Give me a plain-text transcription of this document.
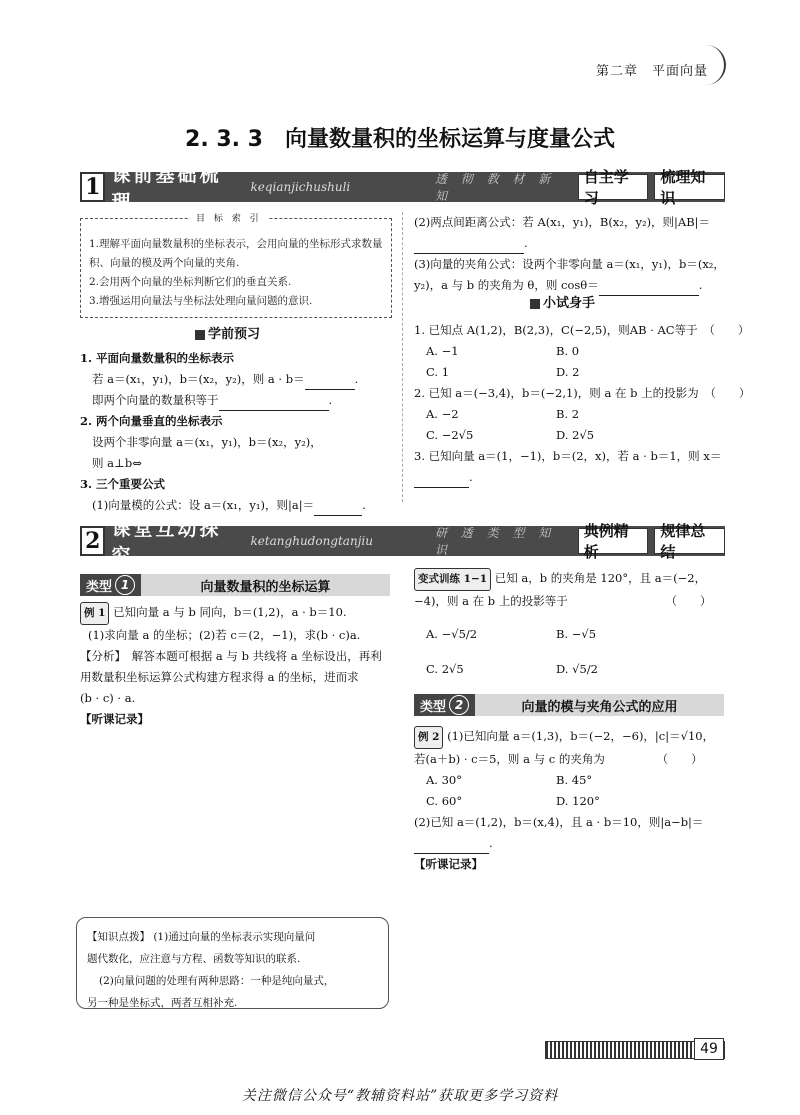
第二章　平面向量
2. 3. 3　向量数量积的坐标运算与度量公式
1 课前基础梳理
keqianjichushuli
透 彻 教 材 新 知
自主学习
梳理知识
1.理解平面向量数量积的坐标表示，会用向量的坐标形式求数量积、向量的模及两个向量的夹角.
2.会用两个向量的坐标判断它们的垂直关系.
3.增强运用向量法与坐标法处理向量问题的意识.
目 标 索 引
学前预习
1. 平面向量数量积的坐标表示
若 a＝(x₁，y₁)，b＝(x₂，y₂)，则 a · b＝	.
即两个向量的数量积等于	.
2. 两个向量垂直的坐标表示
设两个非零向量 a＝(x₁，y₁)，b＝(x₂，y₂)，
则 a⊥b⇔
3. 三个重要公式
(1)向量模的公式：设 a＝(x₁，y₁)，则|a|＝	.
(2)两点间距离公式：若 A(x₁，y₁)，B(x₂，y₂)，则|AB|＝
.
(3)向量的夹角公式：设两个非零向量 a＝(x₁，y₁)，b＝(x₂，
y₂)，a 与 b 的夹角为 θ，则 cosθ＝	.
小试身手
1. 已知点 A(1,2)，B(2,3)，C(−2,5)，则AB · AC等于　（　　）
A. −1	B. 0
C. 1	D. 2
2. 已知 a＝(−3,4)，b＝(−2,1)，则 a 在 b 上的投影为　（　　）
A. −2	B. 2
C. −2√5	D. 2√5
3. 已知向量 a＝(1，−1)，b＝(2，x)，若 a · b＝1，则 x＝
.
2 课堂互动探究
ketanghudongtanjiu
研 透 类 型 知 识
典例精析
规律总结
类型 1	向量数量积的坐标运算
例 1 已知向量 a 与 b 同向，b＝(1,2)，a · b＝10.
(1)求向量 a 的坐标；(2)若 c＝(2，−1)，求(b · c)a.
【分析】　解答本题可根据 a 与 b 共线将 a 坐标设出，再利
用数量积坐标运算公式构建方程求得 a 的坐标，进而求
(b · c) · a.
【听课记录】
【知识点拨】 (1)通过向量的坐标表示实现向量问
题代数化，应注意与方程、函数等知识的联系.
(2)向量问题的处理有两种思路：一种是纯向量式，
另一种是坐标式，两者互相补充.
变式训练 1−1 已知 a，b 的夹角是 120°，且 a＝(−2，
−4)，则 a 在 b 上的投影等于　　　　　　　　　（　　）
A. −√5/2	B. −√5
C. 2√5	D. √5/2
类型 2	向量的模与夹角公式的应用
例 2 (1)已知向量 a＝(1,3)，b＝(−2，−6)，|c|＝√10，
若(a＋b) · c＝5，则 a 与 c 的夹角为　　　　　（　　）
A. 30°	B. 45°
C. 60°	D. 120°
(2)已知 a＝(1,2)，b＝(x,4)，且 a · b＝10，则|a−b|＝
.
【听课记录】
49
关注微信公众号“教辅资料站”获取更多学习资料
